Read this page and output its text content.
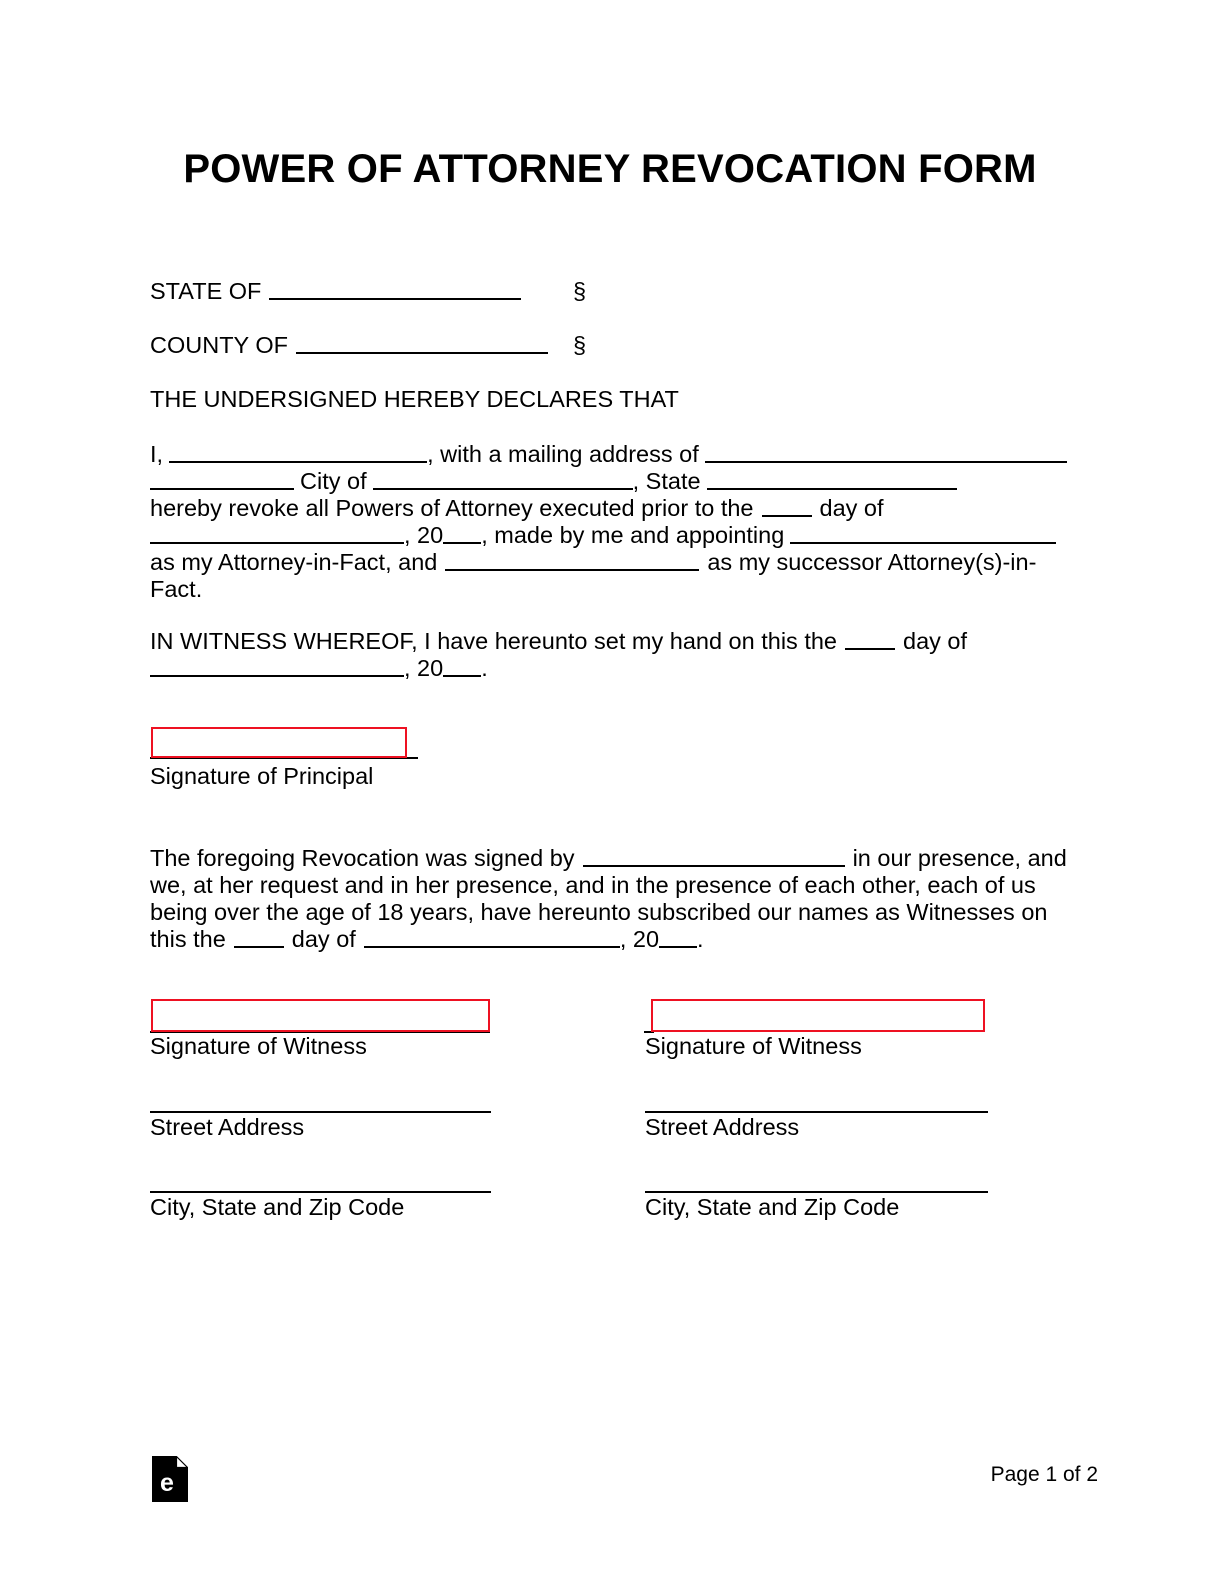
POWER OF ATTORNEY REVOCATION FORM
STATE OF	§
COUNTY OF	§
THE UNDERSIGNED HEREBY DECLARES THAT
I,	, with a mailing address of
City of	, State
hereby revoke all Powers of Attorney executed prior to the	day of
, 20 , made by me and appointing
as my Attorney-in-Fact, and	as my successor Attorney(s)-in-
Fact.
IN WITNESS WHEREOF, I have hereunto set my hand on this the	day of
, 20 .
Signature of Principal
The foregoing Revocation was signed by	in our presence, and
we, at her request and in her presence, and in the presence of each other, each of us
being over the age of 18 years, have hereunto subscribed our names as Witnesses on
this the	day of	, 20 .
Signature of Witness
Street Address
City, State and Zip Code
Signature of Witness
Street Address
City, State and Zip Code
e	Page 1 of 2
